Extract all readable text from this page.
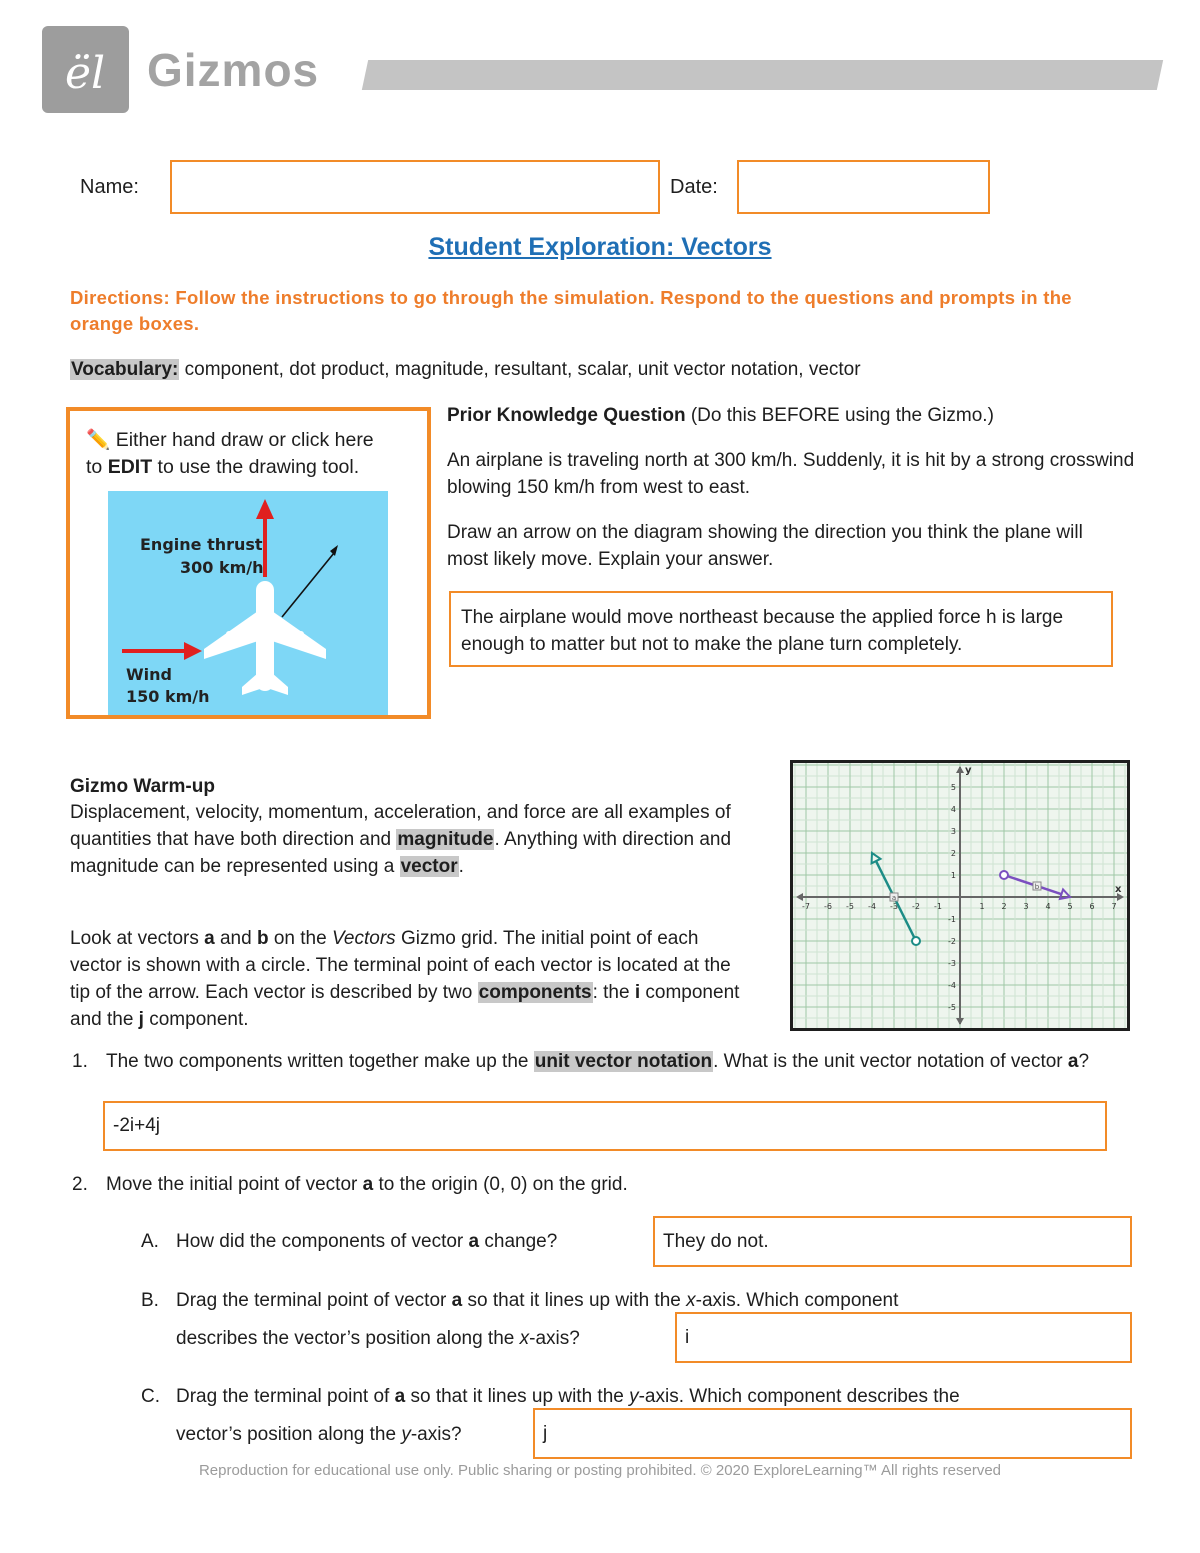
ël Gizmos
Name:	Date:
Student Exploration: Vectors
Directions: Follow the instructions to go through the simulation. Respond to the questions and prompts in the orange boxes.
Vocabulary: component, dot product, magnitude, resultant, scalar, unit vector notation, vector
✏️ Either hand draw or click here
to EDIT to use the drawing tool.
Engine thrust
300 km/h
Wind
150 km/h
Prior Knowledge Question (Do this BEFORE using the Gizmo.)
An airplane is traveling north at 300 km/h. Suddenly, it is hit by a strong crosswind blowing 150 km/h from west to east.
Draw an arrow on the diagram showing the direction you think the plane will most likely move. Explain your answer.
The airplane would move northeast because the applied force h is large enough to matter but not to make the plane turn completely.
Gizmo Warm-up
Displacement, velocity, momentum, acceleration, and force are all examples of quantities that have both direction and magnitude. Anything with direction and magnitude can be represented using a vector.
Look at vectors a and b on the Vectors Gizmo grid. The initial point of each vector is shown with a circle. The terminal point of each vector is located at the tip of the arrow. Each vector is described by two components: the i component and the j component.
-7 -6 -5 -4 -3 -2 -1	1 2 3 4 5 6 7
5
4
3
2
1
-1
-2
-3
-4
-5
x
y
a
b
1. The two components written together make up the unit vector notation. What is the unit vector notation of vector a?
-2i+4j
2. Move the initial point of vector a to the origin (0, 0) on the grid.
A. How did the components of vector a change?	They do not.
B. Drag the terminal point of vector a so that it lines up with the x-axis. Which component
describes the vector’s position along the x-axis?	i
C. Drag the terminal point of a so that it lines up with the y-axis. Which component describes the
vector’s position along the y-axis?	j
Reproduction for educational use only. Public sharing or posting prohibited. © 2020 ExploreLearning™ All rights reserved
